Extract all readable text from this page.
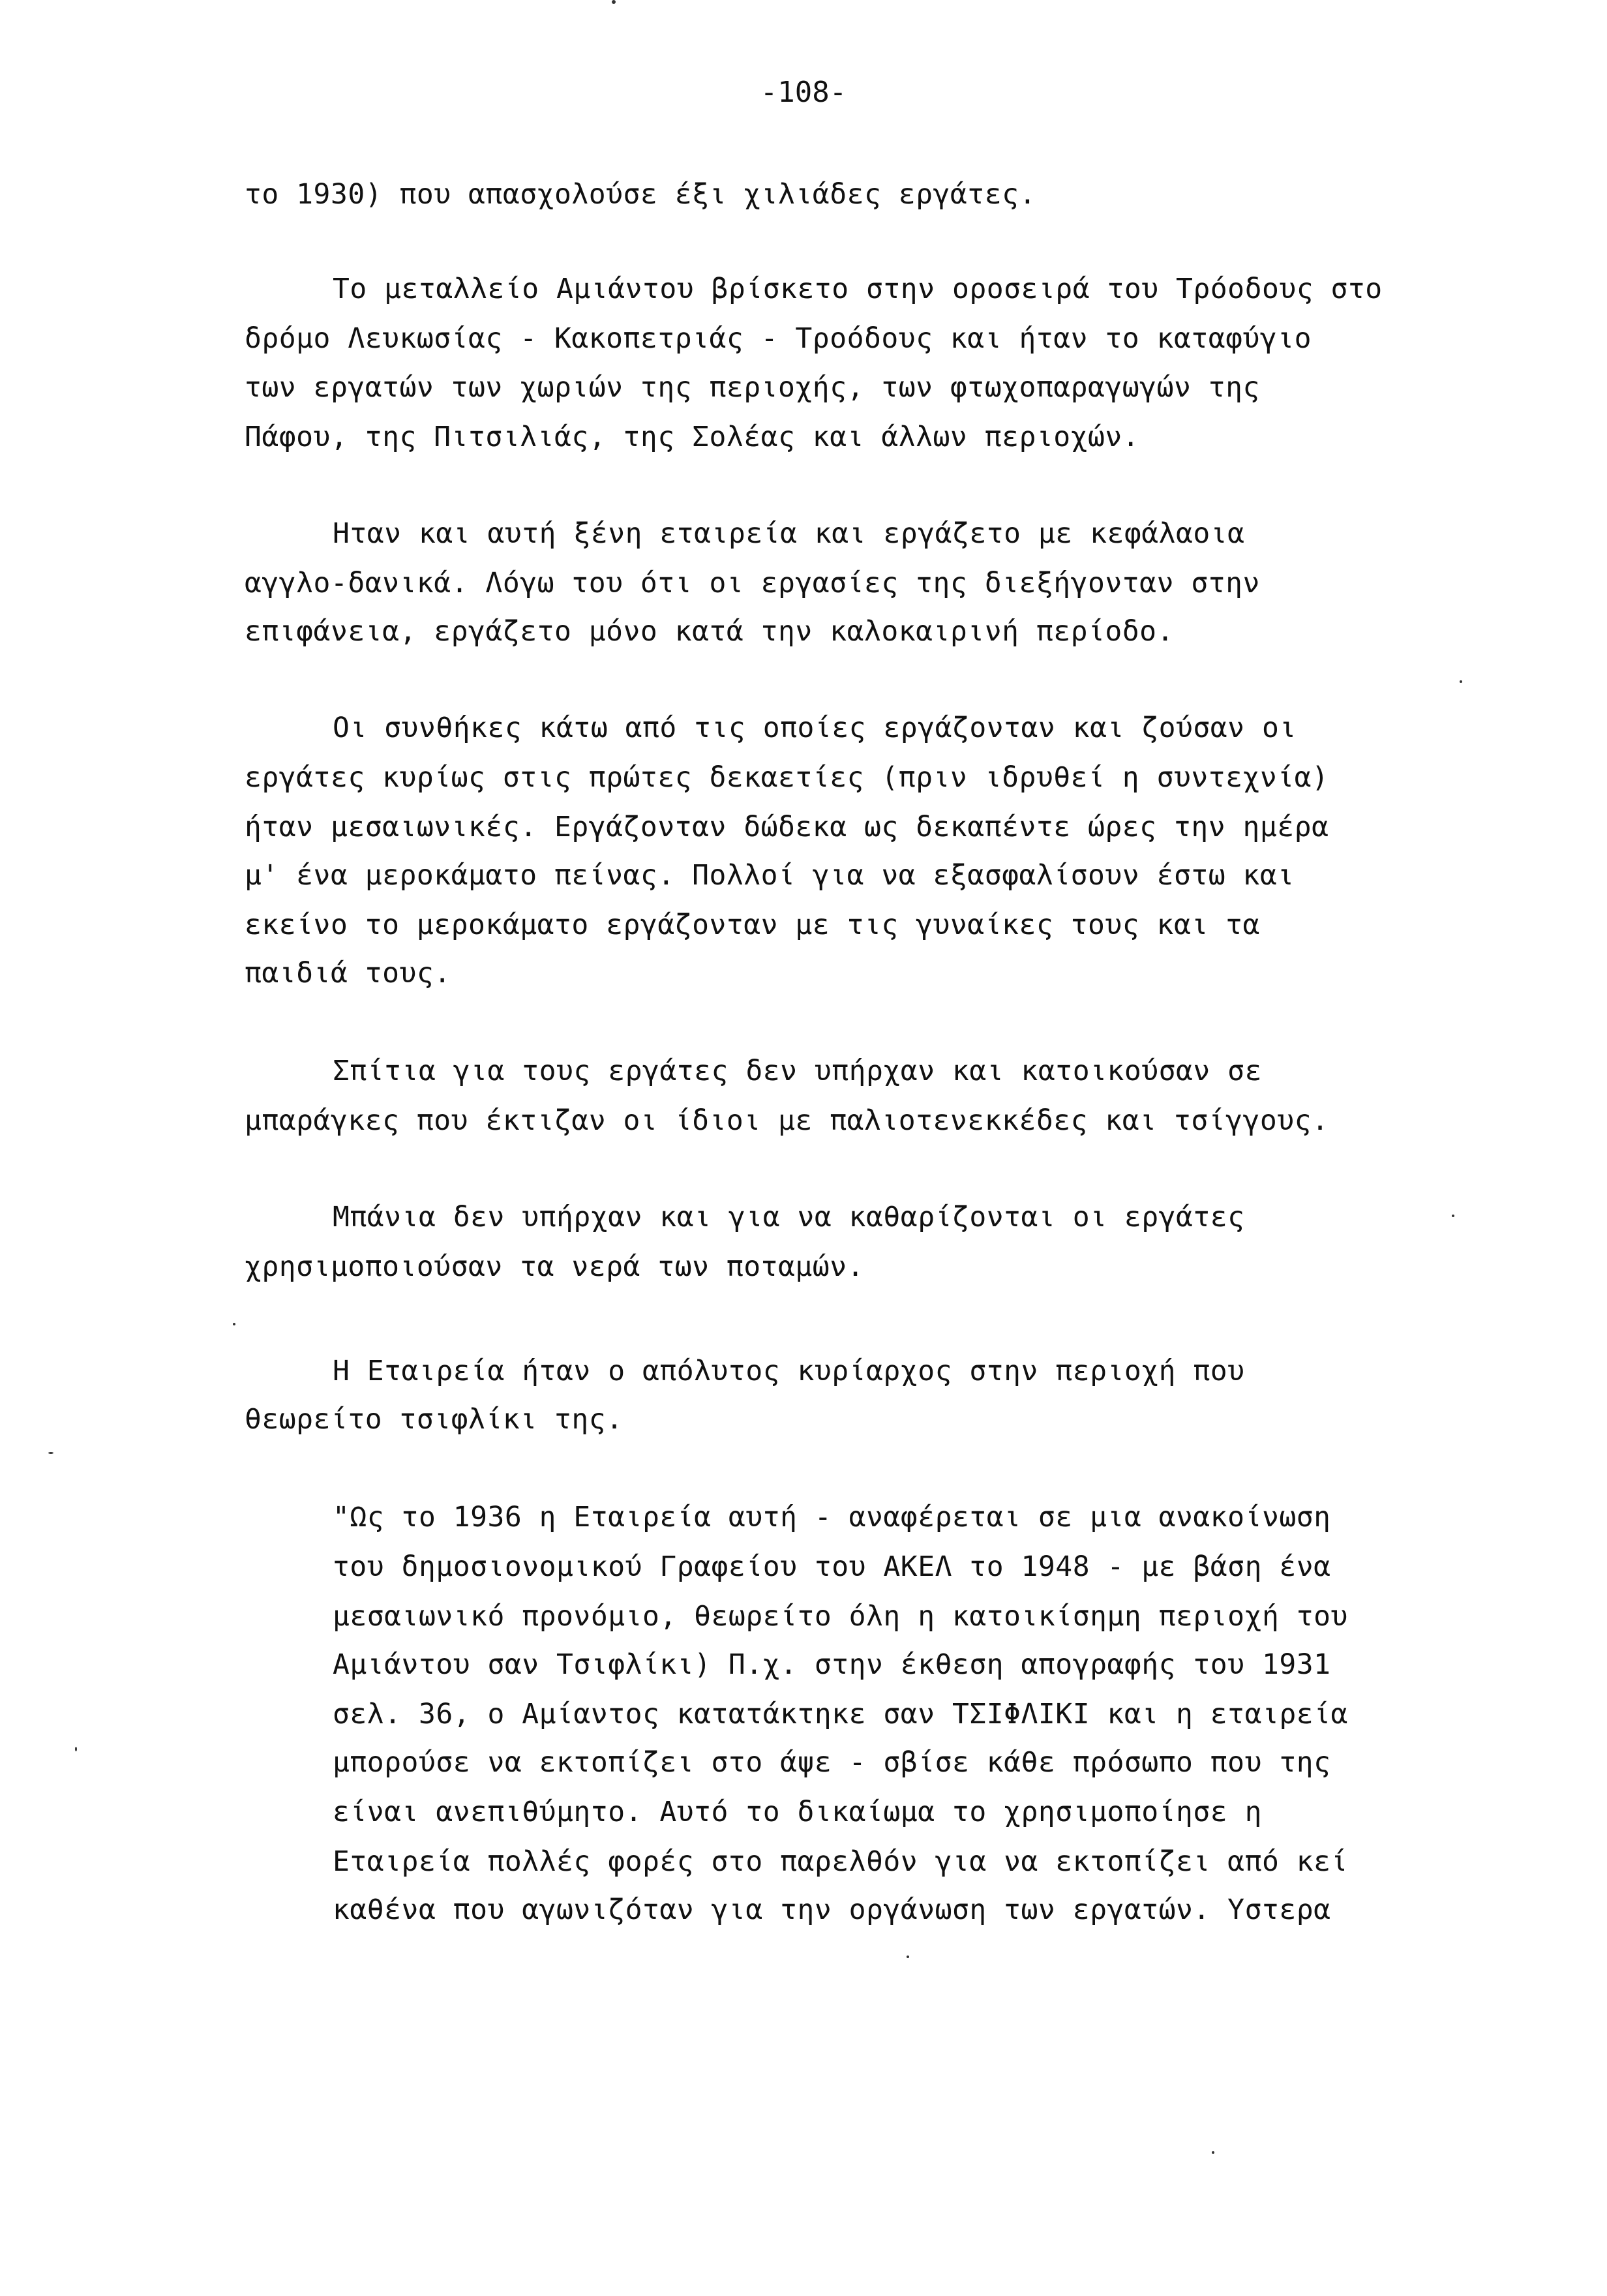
-108-
το 1930) που απασχολούσε έξι χιλιάδες εργάτες.
Το μεταλλείο Αμιάντου βρίσκετο στην οροσειρά του Τρόοδους στο
δρόμο Λευκωσίας - Κακοπετριάς - Τροόδους και ήταν το καταφύγιο
των εργατών των χωριών της περιοχής, των φτωχοπαραγωγών της
Πάφου, της Πιτσιλιάς, της Σολέας και άλλων περιοχών.
Ηταν και αυτή ξένη εταιρεία και εργάζετο με κεφάλαοια
αγγλο-δανικά. Λόγω του ότι οι εργασίες της διεξήγονταν στην
επιφάνεια, εργάζετο μόνο κατά την καλοκαιρινή περίοδο.
Οι συνθήκες κάτω από τις οποίες εργάζονταν και ζούσαν οι
εργάτες κυρίως στις πρώτες δεκαετίες (πριν ιδρυθεί η συντεχνία)
ήταν μεσαιωνικές. Εργάζονταν δώδεκα ως δεκαπέντε ώρες την ημέρα
μ' ένα μεροκάματο πείνας. Πολλοί για να εξασφαλίσουν έστω και
εκείνο το μεροκάματο εργάζονταν με τις γυναίκες τους και τα
παιδιά τους.
Σπίτια για τους εργάτες δεν υπήρχαν και κατοικούσαν σε
μπαράγκες που έκτιζαν οι ίδιοι με παλιοτενεκκέδες και τσίγγους.
Μπάνια δεν υπήρχαν και για να καθαρίζονται οι εργάτες
χρησιμοποιούσαν τα νερά των ποταμών.
Η Εταιρεία ήταν ο απόλυτος κυρίαρχος στην περιοχή που
θεωρείτο τσιφλίκι της.
"Ως το 1936 η Εταιρεία αυτή - αναφέρεται σε μια ανακοίνωση
του δημοσιονομικού Γραφείου του ΑΚΕΛ το 1948 - με βάση ένα
μεσαιωνικό προνόμιο, θεωρείτο όλη η κατοικίσημη περιοχή του
Αμιάντου σαν Τσιφλίκι) Π.χ. στην έκθεση απογραφής του 1931
σελ. 36, ο Αμίαντος κατατάκτηκε σαν ΤΣΙΦΛΙΚΙ και η εταιρεία
μπορούσε να εκτοπίζει στο άψε - σβίσε κάθε πρόσωπο που της
είναι ανεπιθύμητο. Αυτό το δικαίωμα το χρησιμοποίησε η
Εταιρεία πολλές φορές στο παρελθόν για να εκτοπίζει από κεί
καθένα που αγωνιζόταν για την οργάνωση των εργατών. Υστερα
